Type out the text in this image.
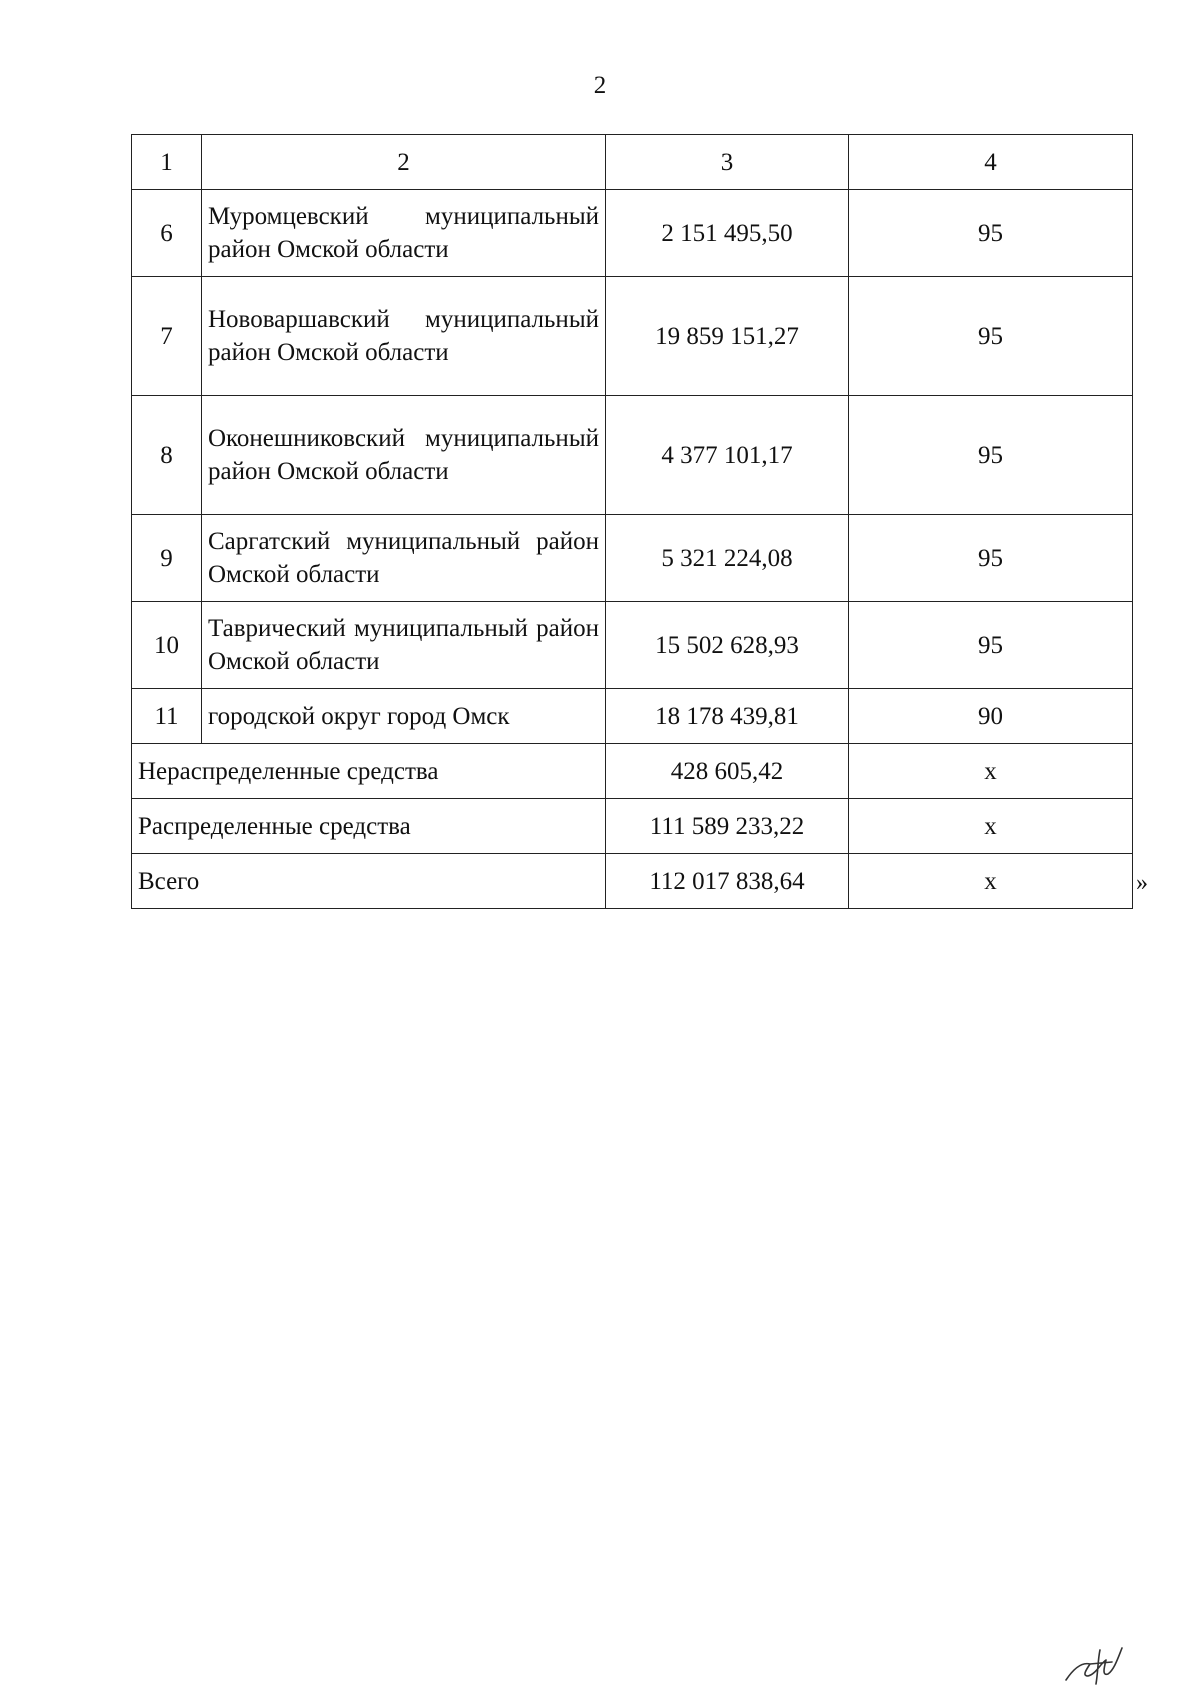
2
1	2	3	4
6	Муромцевский муниципальный район Омской области	2 151 495,50	95
7	Нововаршавский муниципальный район Омской области	19 859 151,27	95
8	Оконешниковский муниципальный район Омской области	4 377 101,17	95
9	Саргатский муниципальный район Омской области	5 321 224,08	95
10	Таврический муниципальный район Омской области	15 502 628,93	95
11	городской округ город Омск	18 178 439,81	90
Нераспределенные средства		428 605,42	х
Распределенные средства		111 589 233,22	х
Всего		112 017 838,64	х	»
